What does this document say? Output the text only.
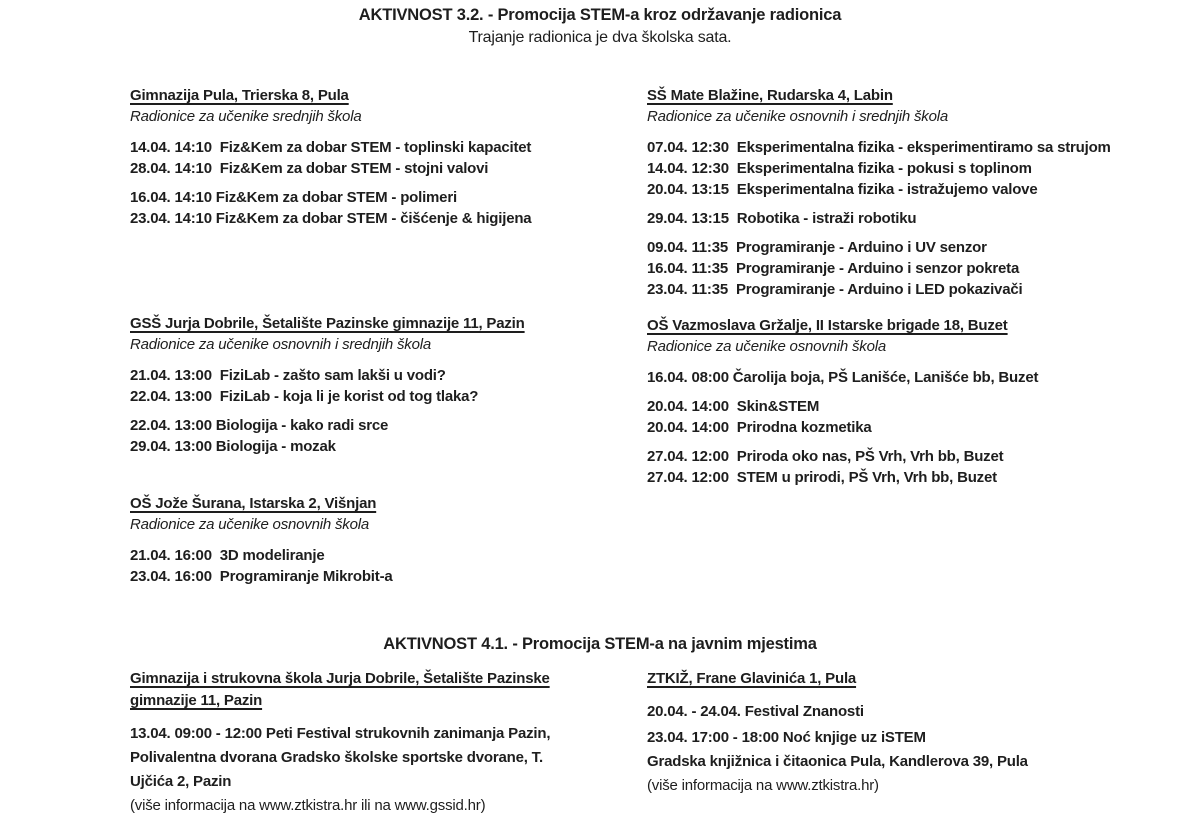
AKTIVNOST 3.2. - Promocija STEM-a kroz održavanje radionica

Trajanje radionica je dva školska sata.

Gimnazija Pula, Trierska 8, Pula
Radionice za učenike srednjih škola
14.04. 14:10  Fiz&Kem za dobar STEM - toplinski kapacitet
28.04. 14:10  Fiz&Kem za dobar STEM - stojni valovi
16.04. 14:10 Fiz&Kem za dobar STEM - polimeri
23.04. 14:10 Fiz&Kem za dobar STEM - čišćenje & higijena
GSŠ Jurja Dobrile, Šetalište Pazinske gimnazije 11, Pazin
Radionice za učenike osnovnih i srednjih škola
21.04. 13:00  FiziLab - zašto sam lakši u vodi?
22.04. 13:00  FiziLab - koja li je korist od tog tlaka?
22.04. 13:00 Biologija - kako radi srce
29.04. 13:00 Biologija - mozak
OŠ Jože Šurana, Istarska 2, Višnjan
Radionice za učenike osnovnih škola
21.04. 16:00  3D modeliranje
23.04. 16:00  Programiranje Mikrobit-a
SŠ Mate Blažine, Rudarska 4, Labin
Radionice za učenike osnovnih i srednjih škola
07.04. 12:30  Eksperimentalna fizika - eksperimentiramo sa strujom
14.04. 12:30  Eksperimentalna fizika - pokusi s toplinom
20.04. 13:15  Eksperimentalna fizika - istražujemo valove
29.04. 13:15  Robotika - istraži robotiku
09.04. 11:35  Programiranje - Arduino i UV senzor
16.04. 11:35  Programiranje - Arduino i senzor pokreta
23.04. 11:35  Programiranje - Arduino i LED pokazivači
OŠ Vazmoslava Gržalje, II Istarske brigade 18, Buzet
Radionice za učenike osnovnih škola
16.04. 08:00 Čarolija boja, PŠ Lanišće, Lanišće bb, Buzet
20.04. 14:00  Skin&STEM
20.04. 14:00  Prirodna kozmetika
27.04. 12:00  Priroda oko nas, PŠ Vrh, Vrh bb, Buzet
27.04. 12:00  STEM u prirodi, PŠ Vrh, Vrh bb, Buzet
AKTIVNOST 4.1. - Promocija STEM-a na javnim mjestima
Gimnazija i strukovna škola Jurja Dobrile, Šetalište Pazinske gimnazije 11, Pazin
13.04. 09:00 - 12:00 Peti Festival strukovnih zanimanja Pazin, Polivalentna dvorana Gradsko školske sportske dvorane, T. Ujčića 2, Pazin
(više informacija na www.ztkistra.hr ili na www.gssid.hr)
ZTKIŽ, Frane Glavinića 1, Pula
20.04. - 24.04. Festival Znanosti
23.04. 17:00 - 18:00 Noć knjige uz iSTEM
Gradska knjižnica i čitaonica Pula, Kandlerova 39, Pula
(više informacija na www.ztkistra.hr)
